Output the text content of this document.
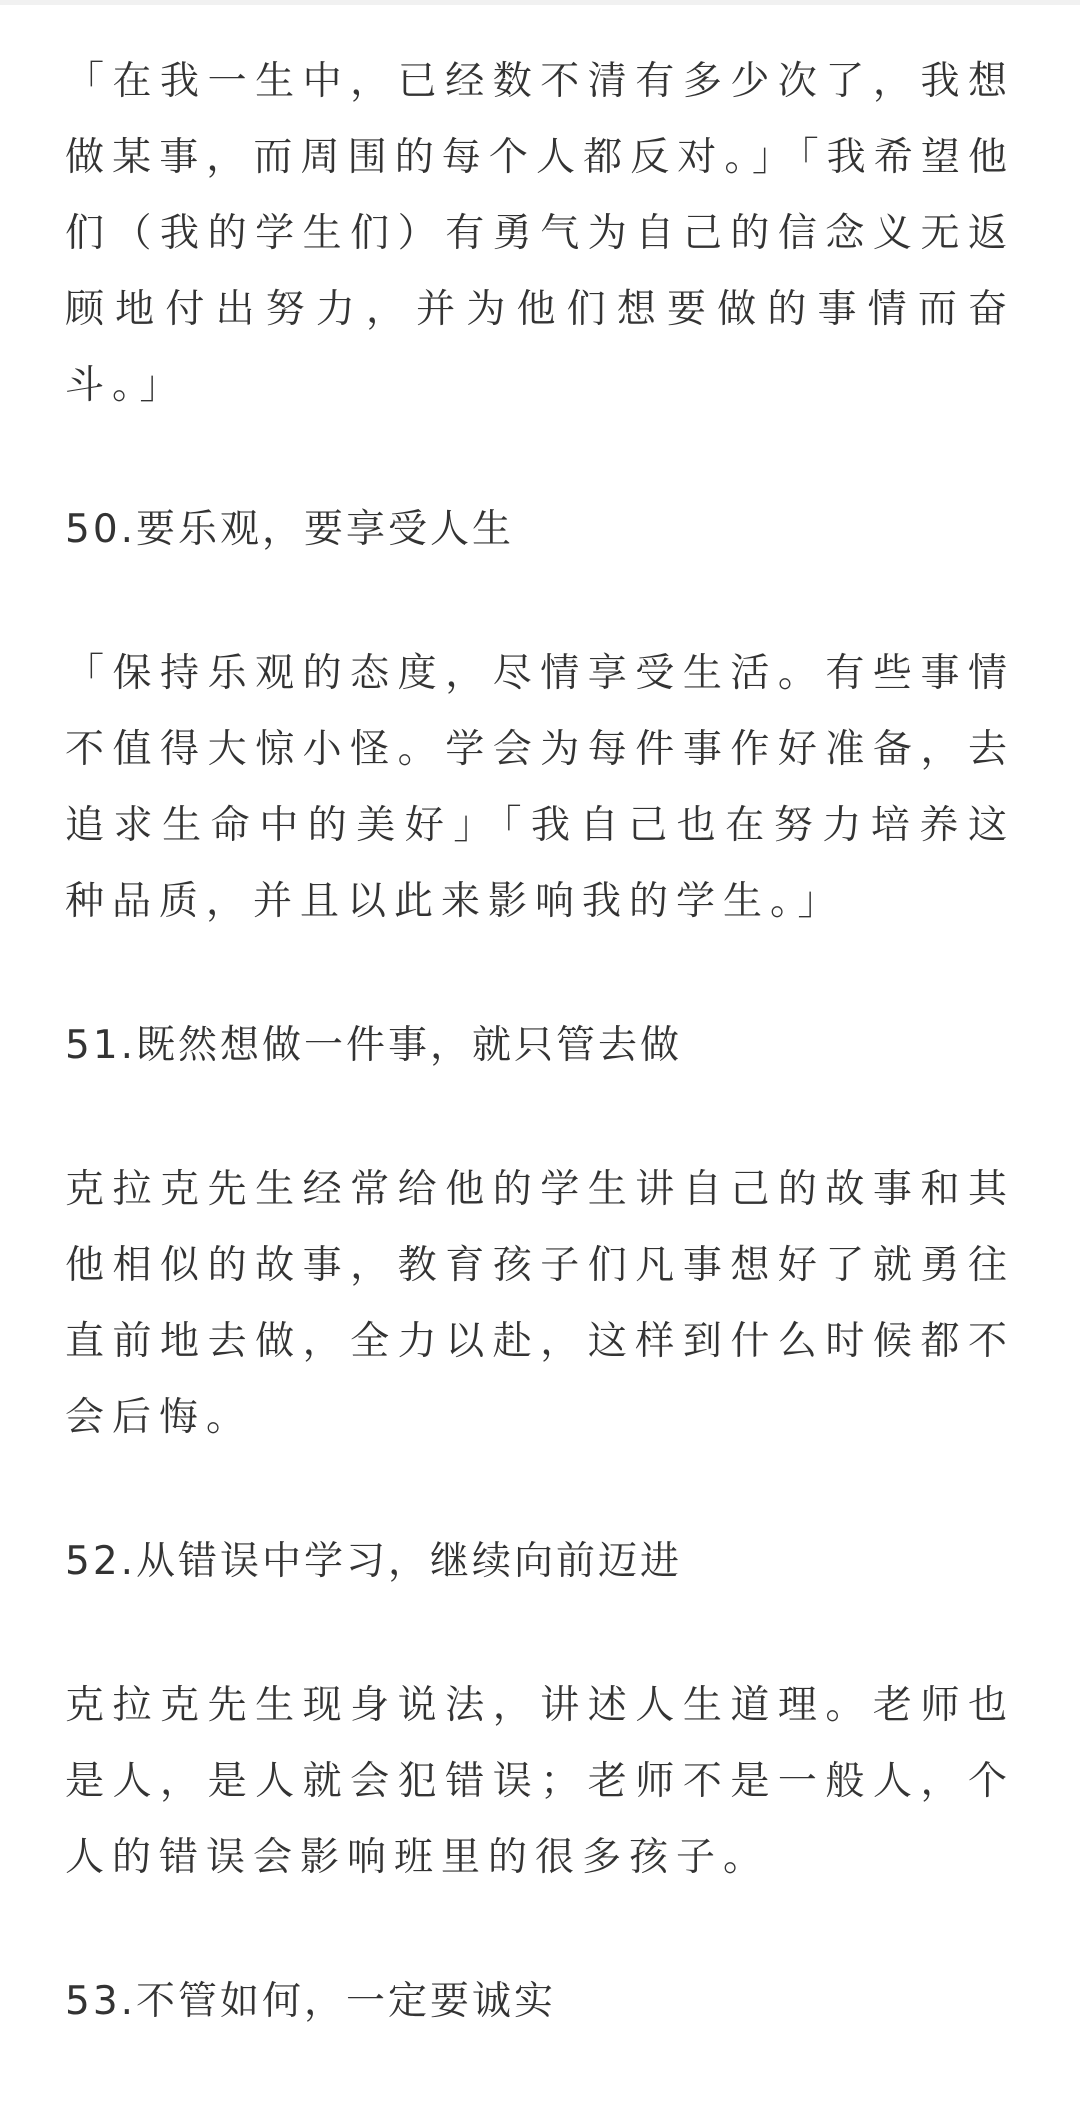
「在我一生中，已经数不清有多少次了，我想做某事，而周围的每个人都反对。」「我希望他们（我的学生们）有勇气为自己的信念义无返顾地付出努力，并为他们想要做的事情而奋斗。」

50.要乐观，要享受人生

「保持乐观的态度，尽情享受生活。有些事情不值得大惊小怪。学会为每件事作好准备，去追求生命中的美好」「我自己也在努力培养这种品质，并且以此来影响我的学生。」

51.既然想做一件事，就只管去做

克拉克先生经常给他的学生讲自己的故事和其他相似的故事，教育孩子们凡事想好了就勇往直前地去做，全力以赴，这样到什么时候都不会后悔。

52.从错误中学习，继续向前迈进

克拉克先生现身说法，讲述人生道理。老师也是人，是人就会犯错误；老师不是一般人，个人的错误会影响班里的很多孩子。

53.不管如何，一定要诚实
